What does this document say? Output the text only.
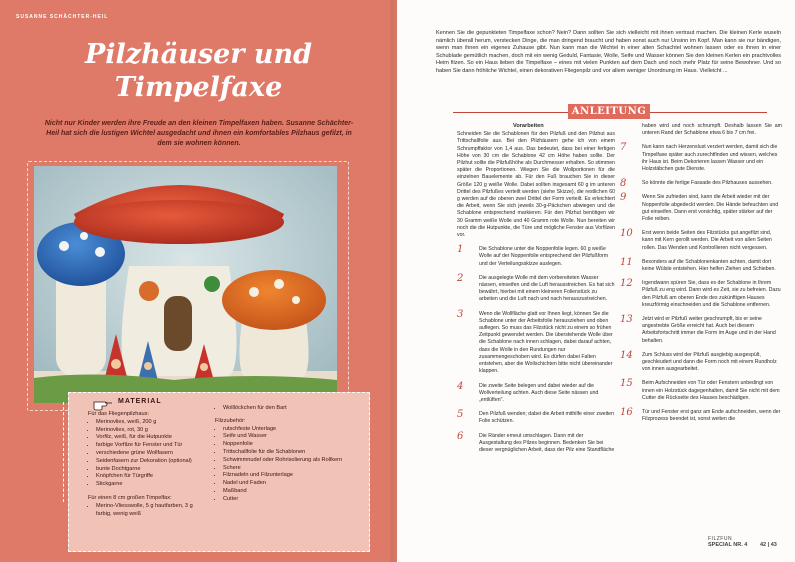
SUSANNE SCHÄCHTER-HEIL
Pilzhäuser und
Timpelfaxe
Nicht nur Kinder werden ihre Freude an den kleinen Timpelfaxen haben. Susanne Schächter-Heil hat sich die lustigen Wichtel ausgedacht und ihnen ein komfortables Pilzhaus gefilzt, in dem sie wohnen können.
MATERIAL
Für das Fliegenpilzhaus:
• Merinovlies, weiß, 200 g
• Merinovlies, rot, 30 g
• Vorfilz, weiß, für die Hutpunkte
• farbige Vorfilze für Fenster und Tür
• verschiedene grüne Wollfasern
• Seidenfasern zur Dekoration (optional)
• bunte Dochtgarne
• Knöpfchen für Türgriffe
• Stickgarne
Für einen 8 cm großen Timpelfax:
• Merino-Vliesswolle, 5 g hautfarben, 3 g farbig, wenig weiß
• Wolllöckchen für den Bart
Filzzubehör:
• rutschfeste Unterlage
• Seife und Wasser
• Noppenfolie
• Trittschallfolie für die Schablonen
• Schwimmnudel oder Rohrisolierung als Rollkern
• Schere
• Filznadeln und Filzunterlage
• Nadel und Faden
• Maßband
• Cutter
Kennen Sie die gepunkteten Timpelfaxe schon? Nein? Dann sollten Sie sich vielleicht mit ihnen vertraut machen. Die kleinen Kerle wuseln nämlich überall herum, verstecken Dinge, die man dringend braucht und haben sonst auch nur Unsinn im Kopf. Man kann sie nur bändigen, wenn man ihnen ein eigenes Zuhause gibt. Nun kann man die Wichtel in einer alten Schachtel wohnen lassen oder es ihnen in einer Schublade gemütlich machen, doch mit ein wenig Geduld, Fantasie, Wolle, Seife und Wasser können Sie den kleinen Kerlen ein prachtvolles Heim filzen. So ein Haus lieben die Timpelfaxe – eines mit vielen Punkten auf dem Dach und noch mehr Platz für seine Bewohner. Und so haben Sie dann fröhliche Wichtel, einen dekorativen Fliegenpilz und vor allem weniger Unordnung im Haus. Vielleicht ...
ANLEITUNG
Vorarbeiten
Schneiden Sie die Schablonen für den Pilzfuß und den Pilzhut aus Trittschallfolie aus. Bei den Pilzhäusern gehe ich von einem Schrumpffaktor von 1,4 aus. Das bedeutet, dass bei einer fertigen Höhe von 30 cm die Schablone 42 cm Höhe haben sollte. Der Pilzhut sollte die Pilzfußhöhe als Durchmesser erhalten. So stimmen später die Proportionen. Wiegen Sie die Wollportionen für die einzelnen Bauelemente ab. Für den Fuß brauchen Sie in dieser Größe 120 g weiße Wolle. Dabei sollten insgesamt 60 g im unteren Drittel des Pilzfußes verteilt werden (siehe Skizze), die restlichen 60 g werden auf die oberen zwei Drittel der Form verteilt. Es erleichtert die Arbeit, wenn Sie sich jeweils 30-g-Päckchen abwiegen und die Schablone entsprechend markieren. Für den Pilzhut benötigen wir 30 Gramm weiße Wolle und 40 Gramm rote Wolle. Nun bereiten wir noch die die Hutpunkte, die Türe und mögliche Fenster aus Vorfilzen vor.
1	Die Schablone unter die Noppenfolie legen. 60 g weiße Wolle auf der Noppenfolie entsprechend der Pilzfußform und der Verteilungsskizze auslegen.
2	Die ausgelegte Wolle mit dem vorbereiteten Wasser nässen, einseifen und die Luft herausstreichen. Es hat sich bewährt, hierbei mit einem kleineren Folienstück zu arbeiten und die Luft nach und nach herauszustreichen.
3	Wenn die Wollfläche glatt vor Ihnen liegt, können Sie die Schablone unter der Arbeitsfolie herausziehen und oben auflegen. So muss das Filzstück nicht zu einem so frühen Zeitpunkt gewendet werden. Die überstehende Wolle über die Schablone nach innen schlagen, dabei darauf achten, dass die Wolle in den Rundungen nur zusammengeschoben wird. Es dürfen dabei Falten entstehen, aber die Wollschichten bitte nicht übereinander klappen.
4	Die zweite Seite belegen und dabei wieder auf die Wollverteilung achten. Auch diese Seite nässen und „entlüften".
5	Den Pilzfuß wenden; dabei die Arbeit mithilfe einer zweiten Folie schützen.
6	Die Ränder erneut umschlagen. Dann mit der Ausgestaltung des Pilzes beginnen. Bedenken Sie bei dieser vergnüglichen Arbeit, dass der Pilz eine Standfläche
haben wird und noch schrumpft. Deshalb lassen Sie am unteren Rand der Schablone etwa 6 bis 7 cm frei.
7	Nun kann nach Herzenslust verziert werden, damit sich die Timpelfaxe später auch zurechtfinden und wissen, welches ihr Haus ist. Beim Dekorieren lassen Wasser und ein Holzstäbchen gute Dienste.
8	So könnte die fertige Fassade des Pilzhauses aussehen.
9	Wenn Sie zufrieden sind, kann die Arbeit wieder mit der Noppenfolie abgedeckt werden. Die Hände befeuchten und gut einseifen. Dann erst vorsichtig, später stärker auf der Folie reiben.
10 Erst wenn beide Seiten des Filzstücks gut angefilzt sind, kann mit Kern gerollt werden. Die Arbeit von allen Seiten rollen. Das Wenden und Kontrollieren nicht vergessen.
11 Besonders auf die Schablonenkanten achten, damit dort keine Wülste entstehen. Hier helfen Ziehen und Schieben.
12 Irgendwann spüren Sie, dass es der Schablone in Ihrem Pilzfuß zu eng wird. Dann wird es Zeit, sie zu befreien. Dazu den Pilzfuß am oberen Ende des zukünftigen Hauses kreuzförmig einschneiden und die Schablone entfernen.
13 Jetzt wird er Pilzfuß weiter geschrumpft, bis er seine angestrebte Größe erreicht hat. Auch bei diesem Arbeitsfortschritt immer die Form im Auge und in der Hand behalten.
14 Zum Schluss wird der Pilzfuß ausgiebig ausgespült, geschleudert und dann die Form noch mit einem Rundholz von innen ausgearbeitet.
15 Beim Aufschneiden von Tür oder Fenstern unbedingt von innen ein Holzstück dagegenhalten, damit Sie nicht mit dem Cutter die Rückseite des Hauses beschädigen.
16 Tür und Fenster erst ganz am Ende aufschneiden, wenn der Filzprozess beendet ist, sonst weiten die
FILZFUN
SPECIAL NR. 4 42 | 43
